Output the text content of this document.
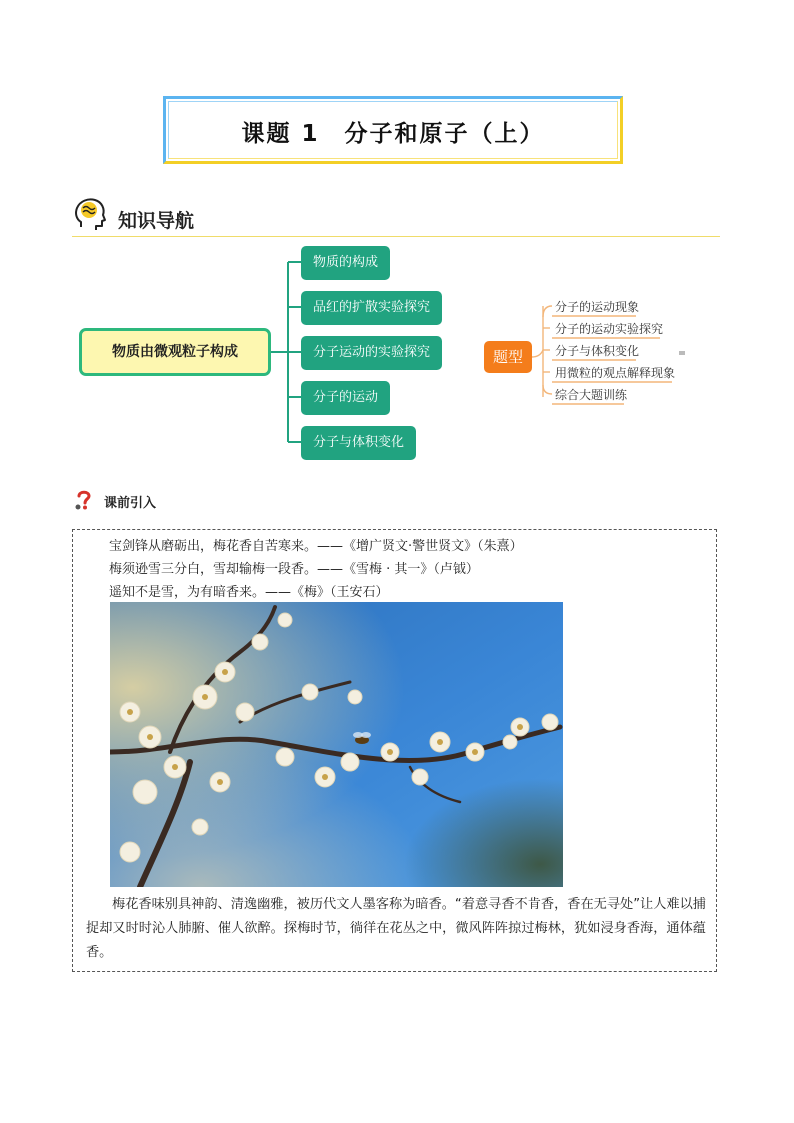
课题 1　分子和原子（上）
知识导航
物质由微观粒子构成
物质的构成
品红的扩散实验探究
分子运动的实验探究
分子的运动
分子与体积变化
题型
分子的运动现象
分子的运动实验探究
分子与体积变化
用微粒的观点解释现象
综合大题训练
课前引入
宝剑锋从磨砺出，梅花香自苦寒来。——《增广贤文·警世贤文》（朱熹）
梅须逊雪三分白，雪却输梅一段香。——《雪梅 · 其一》（卢钺）
遥知不是雪，为有暗香来。——《梅》（王安石）
梅花香味别具神韵、清逸幽雅，被历代文人墨客称为暗香。“着意寻香不肯香，香在无寻处”让人难以捕捉却又时时沁人肺腑、催人欲醉。探梅时节，徜徉在花丛之中，微风阵阵掠过梅林，犹如浸身香海，通体蕴香。
